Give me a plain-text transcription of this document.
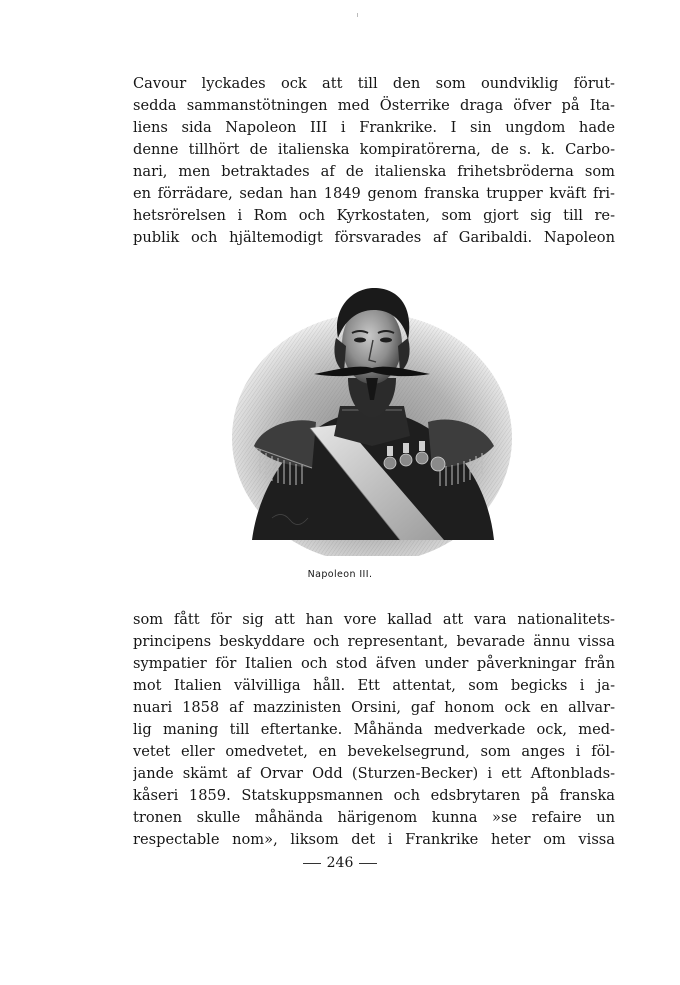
Cavour lyckades ock att till den som oundviklig förut-
sedda sammanstötningen med Österrike draga öfver på Ita-
liens sida Napoleon III i Frankrike. I sin ungdom hade
denne tillhört de italienska kompiratörerna, de s. k. Carbo-
nari, men betraktades af de italienska frihetsbröderna som
en förrädare, sedan han 1849 genom franska trupper kväft fri-
hetsrörelsen i Rom och Kyrkostaten, som gjort sig till re-
publik och hjältemodigt försvarades af Garibaldi. Napoleon
Napoleon III.
som fått för sig att han vore kallad att vara nationalitets-
principens beskyddare och representant, bevarade ännu vissa
sympatier för Italien och stod äfven under påverkningar från
mot Italien välvilliga håll. Ett attentat, som begicks i ja-
nuari 1858 af mazzinisten Orsini, gaf honom ock en allvar-
lig maning till eftertanke. Måhända medverkade ock, med-
vetet eller omedvetet, en bevekelsegrund, som anges i föl-
jande skämt af Orvar Odd (Sturzen-Becker) i ett Aftonblads-
kåseri 1859. Statskuppsmannen och edsbrytaren på franska
tronen skulle måhända härigenom kunna »se refaire un
respectable nom», liksom det i Frankrike heter om vissa
246
